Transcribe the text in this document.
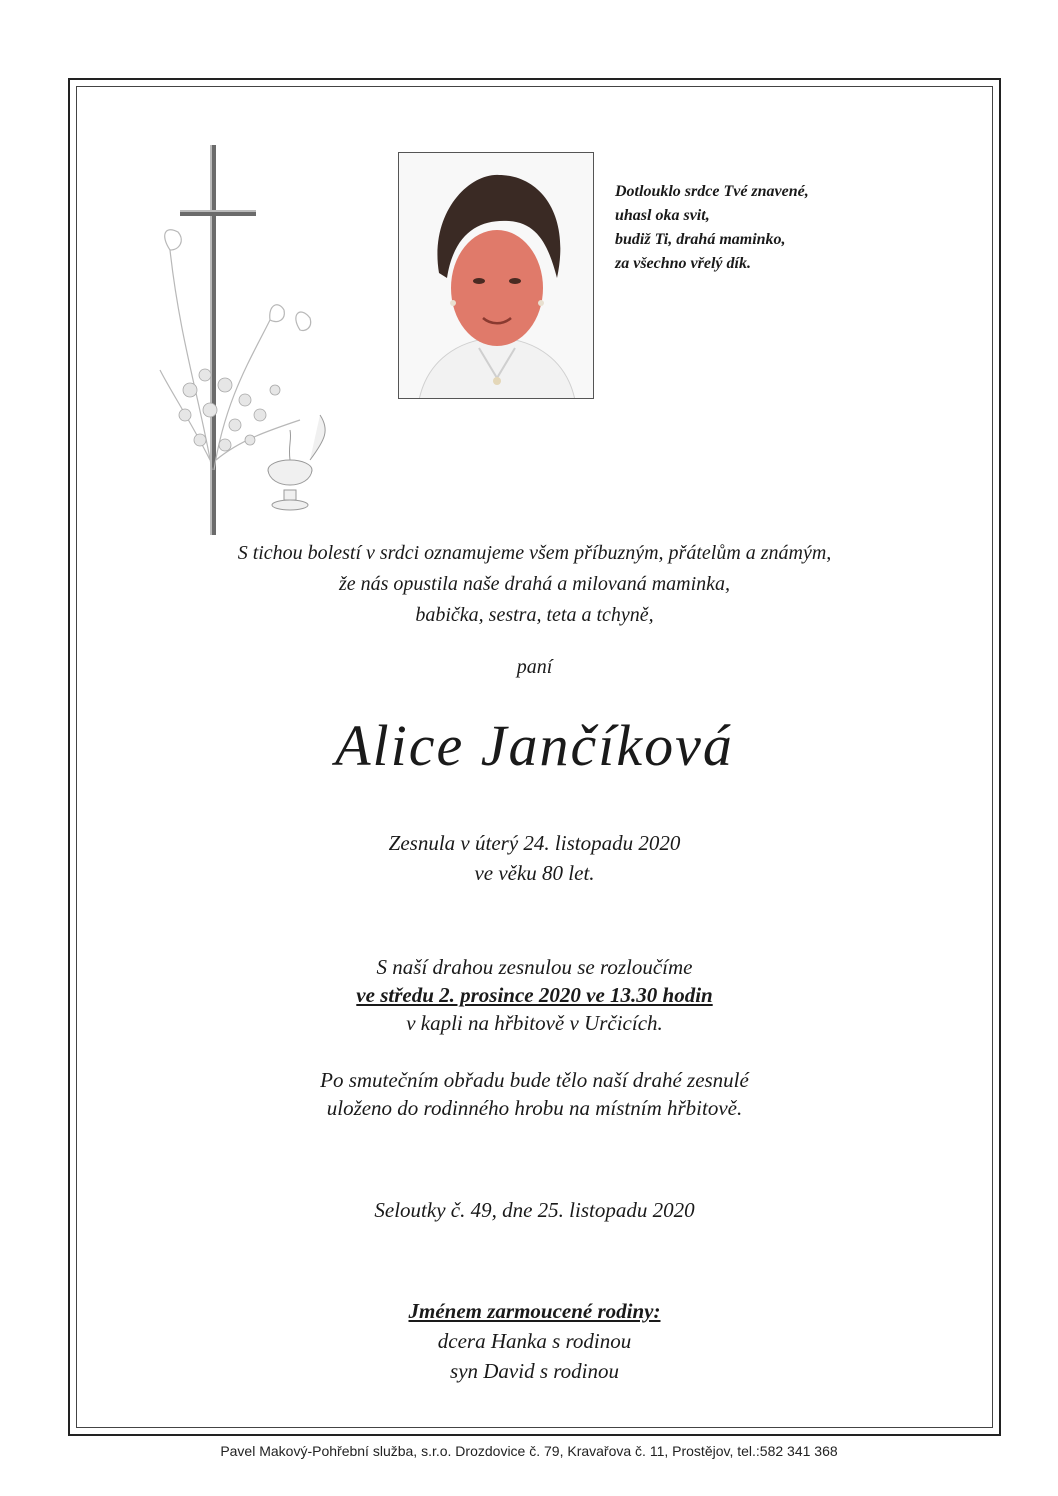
Dotlouklo srdce Tvé znavené,
uhasl oka svit,
budiž Ti, drahá maminko,
za všechno vřelý dík.
S tichou bolestí v srdci oznamujeme všem příbuzným, přátelům a známým,
že nás opustila naše drahá a milovaná maminka,
babička, sestra, teta a tchyně,
paní
Alice Jančíková
Zesnula v úterý 24. listopadu 2020
ve věku 80 let.
S naší drahou zesnulou se rozloučíme
ve středu 2. prosince 2020 ve 13.30 hodin
v kapli na hřbitově v Určicích.
Po smutečním obřadu bude tělo naší drahé zesnulé
uloženo do rodinného hrobu na místním hřbitově.
Seloutky č. 49, dne 25. listopadu 2020
Jménem zarmoucené rodiny:
dcera Hanka s rodinou
syn David s rodinou
Pavel Makový-Pohřební služba, s.r.o. Drozdovice č. 79, Kravařova č. 11, Prostějov, tel.:582 341 368
